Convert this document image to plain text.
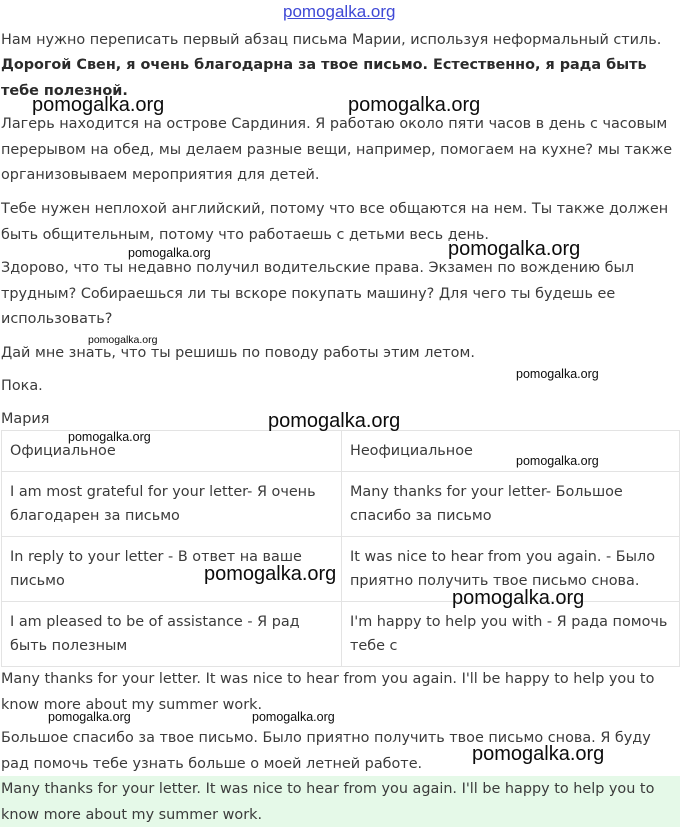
Нам нужно переписать первый абзац письма Марии, используя неформальный стиль.

Дорогой Свен, я очень благодарна за твое письмо. Естественно, я рада быть тебе полезной.

Лагерь находится на острове Сардиния. Я работаю около пяти часов в день с часовым перерывом на обед, мы делаем разные вещи, например, помогаем на кухне? мы также организовываем мероприятия для детей.

Тебе нужен неплохой английский, потому что все общаются на нем. Ты также должен быть общительным, потому что работаешь с детьми весь день.

Здорово, что ты недавно получил водительские права. Экзамен по вождению был трудным? Собираешься ли ты вскоре покупать машину? Для чего ты будешь ее использовать?

Дай мне знать, что ты решишь по поводу работы этим летом.

Пока.

Мария

Официальное	Неофициальное
I am most grateful for your letter- Я очень благодарен за письмо	Many thanks for your letter- Большое спасибо за письмо
In reply to your letter - В ответ на ваше письмо	It was nice to hear from you again. - Было приятно получить твое письмо снова.
I am pleased to be of assistance - Я рад быть полезным	I'm happy to help you with - Я рада помочь тебе с

Many thanks for your letter. It was nice to hear from you again. I'll be happy to help you to know more about my summer work.

Большое спасибо за твое письмо. Было приятно получить твое письмо снова. Я буду рад помочь тебе узнать больше о моей летней работе.

Many thanks for your letter. It was nice to hear from you again. I'll be happy to help you to know more about my summer work.

pomogalka.org
pomogalka.org	pomogalka.org
pomogalka.org
pomogalka.org
pomogalka.org
pomogalka.org
pomogalka.org
pomogalka.org
pomogalka.org
pomogalka.org
pomogalka.org
pomogalka.org	pomogalka.org
pomogalka.org
